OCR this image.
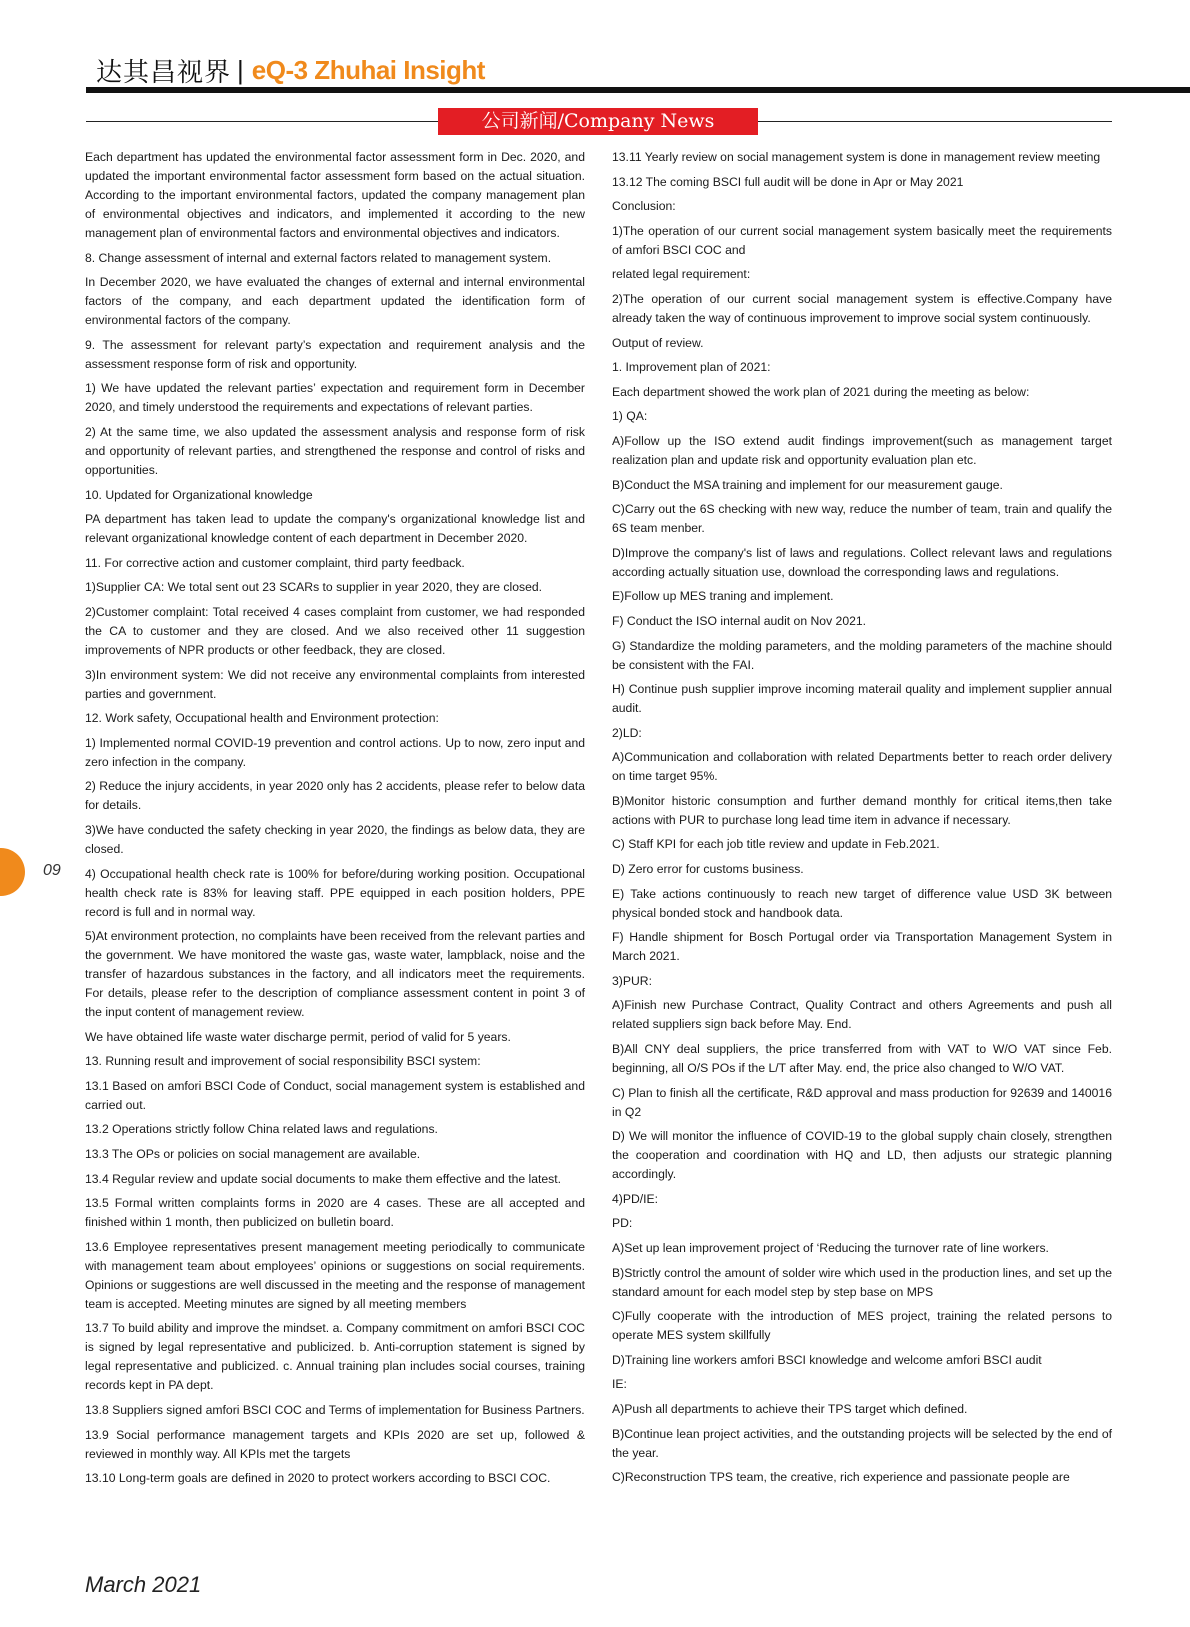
达其昌视界 | eQ-3 Zhuhai Insight
公司新闻/Company News

Each department has updated the environmental factor assessment form in Dec. 2020, and updated the important environmental factor assessment form based on the actual situation. According to the important environmental factors, updated the company management plan of environmental objectives and indicators, and implemented it according to the new management plan of environmental factors and environmental objectives and indicators.

8. Change assessment of internal and external factors related to management system.

In December 2020, we have evaluated the changes of external and internal environmental factors of the company, and each department updated the identification form of environmental factors of the company.

9. The assessment for relevant party’s expectation and requirement analysis and the assessment response form of risk and opportunity.

1) We have updated the relevant parties’ expectation and requirement form in December 2020, and timely understood the requirements and expectations of relevant parties.

2) At the same time, we also updated the assessment analysis and response form of risk and opportunity of relevant parties, and strengthened the response and control of risks and opportunities.

10. Updated for Organizational knowledge

PA department has taken lead to update the company's organizational knowledge list and relevant organizational knowledge content of each department in December 2020.

11. For corrective action and customer complaint, third party feedback.

1)Supplier CA: We total sent out 23 SCARs to supplier in year 2020, they are closed.

2)Customer complaint: Total received 4 cases complaint from customer, we had responded the CA to customer and they are closed. And we also received other 11 suggestion improvements of NPR products or other feedback, they are closed.

3)In environment system: We did not receive any environmental complaints from interested parties and government.

12. Work safety, Occupational health and Environment protection:

1) Implemented normal COVID-19 prevention and control actions. Up to now, zero input and zero infection in the company.

2) Reduce the injury accidents, in year 2020 only has 2 accidents, please refer to below data for details.

3)We have conducted the safety checking in year 2020, the findings as below data, they are closed.

4) Occupational health check rate is 100% for before/during working position. Occupational health check rate is 83% for leaving staff. PPE equipped in each position holders, PPE record is full and in normal way.

5)At environment protection, no complaints have been received from the relevant parties and the government. We have monitored the waste gas, waste water, lampblack, noise and the transfer of hazardous substances in the factory, and all indicators meet the requirements. For details, please refer to the description of compliance assessment content in point 3 of the input content of management review.

We have obtained life waste water discharge permit, period of valid for 5 years.

13. Running result and improvement of social responsibility BSCI system:

13.1 Based on amfori BSCI Code of Conduct, social management system is established and carried out.

13.2 Operations strictly follow China related laws and regulations.

13.3 The OPs or policies on social management are available.

13.4 Regular review and update social documents to make them effective and the latest.

13.5 Formal written complaints forms in 2020 are 4 cases. These are all accepted and finished within 1 month, then publicized on bulletin board.

13.6 Employee representatives present management meeting periodically to communicate with management team about employees’ opinions or suggestions on social requirements. Opinions or suggestions are well discussed in the meeting and the response of management team is accepted. Meeting minutes are signed by all meeting members

13.7 To build ability and improve the mindset. a. Company commitment on amfori BSCI COC is signed by legal representative and publicized. b. Anti-corruption statement is signed by legal representative and publicized. c. Annual training plan includes social courses, training records kept in PA dept.

13.8 Suppliers signed amfori BSCI COC and Terms of implementation for Business Partners.

13.9 Social performance management targets and KPIs 2020 are set up, followed & reviewed in monthly way. All KPIs met the targets

13.10 Long-term goals are defined in 2020 to protect workers according to BSCI COC.

13.11 Yearly review on social management system is done in management review meeting

13.12 The coming BSCI full audit will be done in Apr or May 2021

Conclusion:

1)The operation of our current social management system basically meet the requirements of amfori BSCI COC and

related legal requirement:

2)The operation of our current social management system is effective.Company have already taken the way of continuous improvement to improve social system continuously.

Output of review.

1. Improvement plan of 2021:

Each department showed the work plan of 2021 during the meeting as below:

1) QA:

A)Follow up the ISO extend audit findings improvement(such as management target realization plan and update risk and opportunity evaluation plan etc.

B)Conduct the MSA training and implement for our measurement gauge.

C)Carry out the 6S checking with new way, reduce the number of team, train and qualify the 6S team menber.

D)Improve the company's list of laws and regulations. Collect relevant laws and regulations according actually situation use, download the corresponding laws and regulations.

E)Follow up MES traning and implement.

F) Conduct the ISO internal audit on Nov 2021.

G) Standardize the molding parameters, and the molding parameters of the machine should be consistent with the FAI.

H) Continue push supplier improve incoming materail quality and implement supplier annual audit.

2)LD:

A)Communication and collaboration with related Departments better to reach order delivery on time target 95%.

B)Monitor historic consumption and further demand monthly for critical items,then take actions with PUR to purchase long lead time item in advance if necessary.

C) Staff KPI for each job title review and update in Feb.2021.

D) Zero error for customs business.

E) Take actions continuously to reach new target of difference value USD 3K between physical bonded stock and handbook data.

F) Handle shipment for Bosch Portugal order via Transportation Management System in March 2021.

3)PUR:

A)Finish new Purchase Contract, Quality Contract and others Agreements and push all related suppliers sign back before May. End.

B)All CNY deal suppliers, the price transferred from with VAT to W/O VAT since Feb. beginning, all O/S POs if the L/T after May. end, the price also changed to W/O VAT.

C) Plan to finish all the certificate, R&D approval and mass production for 92639 and 140016 in Q2

D) We will monitor the influence of COVID-19 to the global supply chain closely, strengthen the cooperation and coordination with HQ and LD, then adjusts our strategic planning accordingly.

4)PD/IE:

PD:

A)Set up lean improvement project of ‘Reducing the turnover rate of line workers.

B)Strictly control the amount of solder wire which used in the production lines, and set up the standard amount for each model step by step base on MPS

C)Fully cooperate with the introduction of MES project, training the related persons to operate MES system skillfully

D)Training line workers amfori BSCI knowledge and welcome amfori BSCI audit

IE:

A)Push all departments to achieve their TPS target which defined.

B)Continue lean project activities, and the outstanding projects will be selected by the end of the year.

C)Reconstruction TPS team, the creative, rich experience and passionate people are

09
March 2021
